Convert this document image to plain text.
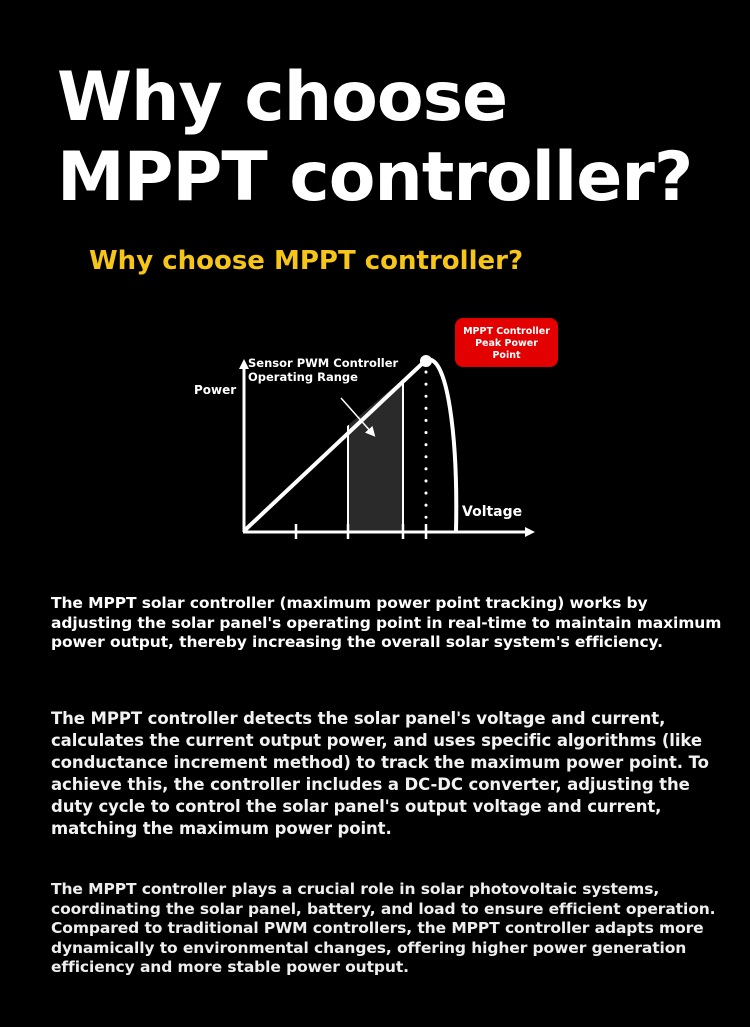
Why choose
MPPT controller?
Why choose MPPT controller?
Power
Voltage
Sensor PWM Controller
Operating Range
MPPT Controller
Peak Power
Point

The MPPT solar controller (maximum power point tracking) works by adjusting the solar panel's operating point in real-time to maintain maximum power output, thereby increasing the overall solar system's efficiency.

The MPPT controller detects the solar panel's voltage and current, calculates the current output power, and uses specific algorithms (like conductance increment method) to track the maximum power point. To achieve this, the controller includes a DC-DC converter, adjusting the duty cycle to control the solar panel's output voltage and current, matching the maximum power point.

The MPPT controller plays a crucial role in solar photovoltaic systems, coordinating the solar panel, battery, and load to ensure efficient operation. Compared to traditional PWM controllers, the MPPT controller adapts more dynamically to environmental changes, offering higher power generation efficiency and more stable power output.
